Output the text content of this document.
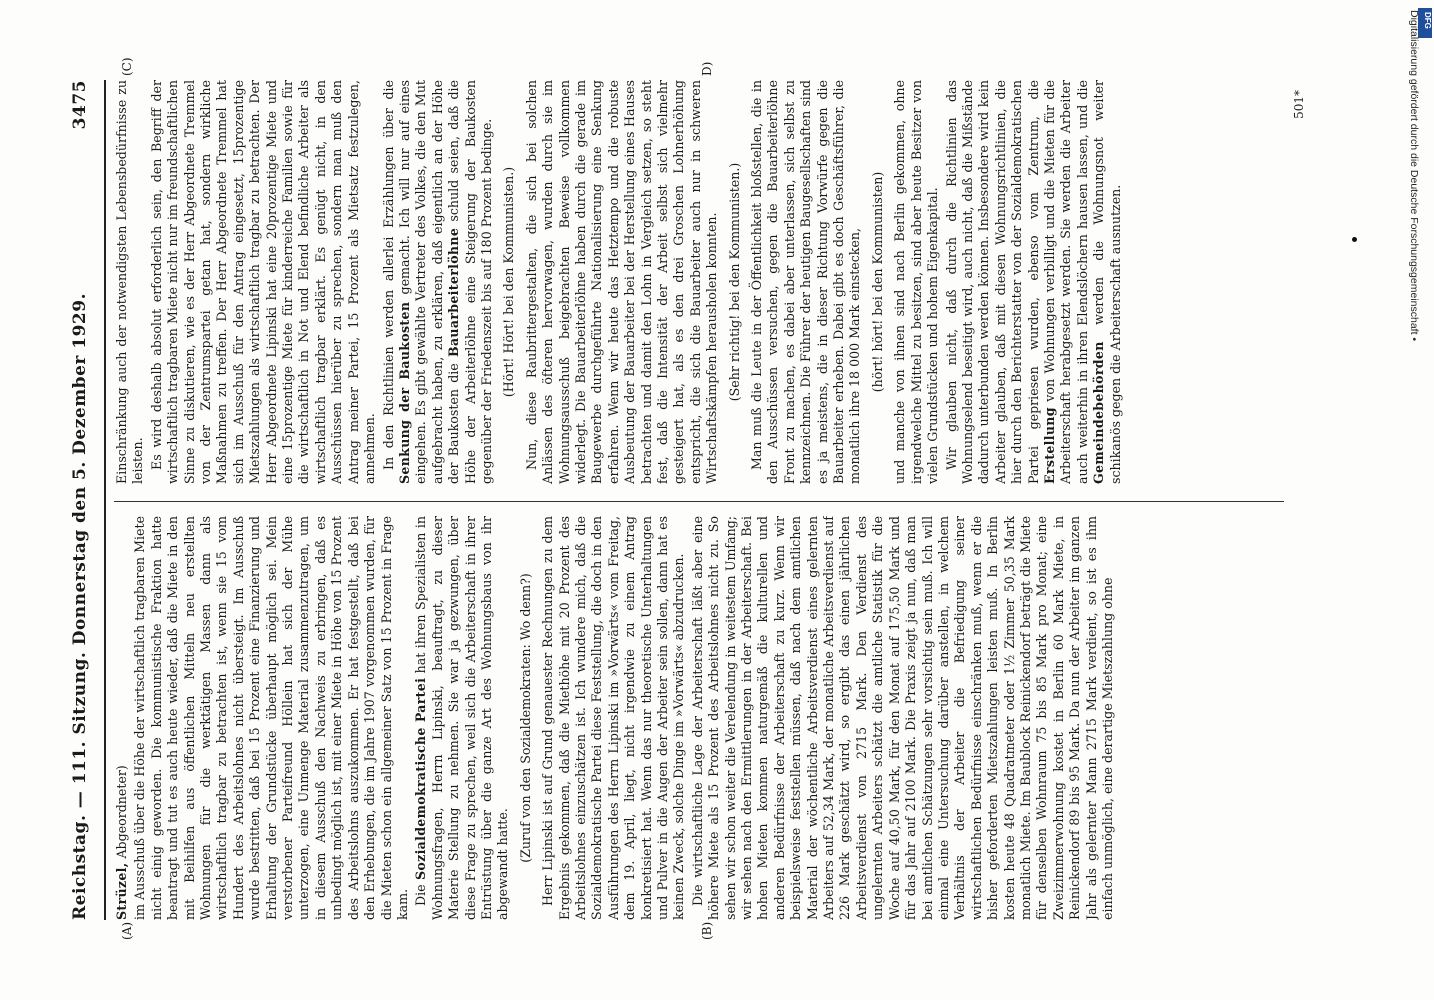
DFG
Digitalisierung gefördert durch die Deutsche Forschungsgemeinschaft •
Reichstag. — 111. Sitzung. Donnerstag den 5. Dezember 1929.
3475

Strüzel, Abgeordneter) im Ausschuß über die Höhe der wirtschaftlich tragbaren Miete nicht einig geworden. Die kommunistische Fraktion hatte beantragt und tut es auch heute wieder, daß die Miete in den mit Beihilfen aus öffentlichen Mitteln neu erstellten Wohnungen für die werktätigen Massen dann als wirtschaftlich tragbar zu betrachten ist, wenn sie 15 vom Hundert des Arbeitslohnes nicht übersteigt. Im Ausschuß wurde bestritten, daß bei 15 Prozent eine Finanzierung und Erhaltung der Grundstücke überhaupt möglich sei. Mein verstorbener Parteifreund Höllein hat sich der Mühe unterzogen, eine Unmenge Material zusammenzutragen, um in diesem Ausschuß den Nachweis zu erbringen, daß es unbedingt möglich ist, mit einer Miete in Höhe von 15 Prozent des Arbeitslohns auszukommen. Er hat festgestellt, daß bei den Erhebungen, die im Jahre 1907 vorgenommen wurden, für die Mieten schon ein allgemeiner Satz von 15 Prozent in Frage kam. Die Sozialdemokratische Partei hat ihren Spezialisten in Wohnungsfragen, Herrn Lipinski, beauftragt, zu dieser Materie Stellung zu nehmen. Sie war ja gezwungen, über diese Frage zu sprechen, weil sich die Arbeiterschaft in ihrer Entrüstung über die ganze Art des Wohnungsbaus von ihr abgewandt hatte.

(Zuruf von den Sozialdemokraten: Wo denn?) Herr Lipinski ist auf Grund genauester Rechnungen zu dem Ergebnis gekommen, daß die Miethöhe mit 20 Prozent des Arbeitslohnes einzuschätzen ist. Ich wundere mich, daß die Sozialdemokratische Partei diese Feststellung, die doch in den Ausführungen des Herrn Lipinski im »Vorwärts« vom Freitag, dem 19. April, liegt, nicht irgendwie zu einem Antrag konkretisiert hat. Wenn das nur theoretische Unterhaltungen und Pulver in die Augen der Arbeiter sein sollen, dann hat es keinen Zweck, solche Dinge im »Vorwärts« abzudrucken. Die wirtschaftliche Lage der Arbeiterschaft läßt aber eine höhere Miete als 15 Prozent des Arbeitslohnes nicht zu. So sehen wir schon weiter die Verelendung in weitestem Umfang; wir sehen nach den Ermittlerungen in der Arbeiterschaft. Bei hohen Mieten kommen naturgemäß die kulturellen und anderen Bedürfnisse der Arbeiterschaft zu kurz. Wenn wir beispielsweise feststellen müssen, daß nach dem amtlichen Material der wöchentliche Arbeitsverdienst eines gelernten Arbeiters auf 52,34 Mark, der monatliche Arbeitsverdienst auf 226 Mark geschätzt wird, so ergibt das einen jährlichen Arbeitsverdienst von 2715 Mark. Den Verdienst des ungelernten Arbeiters schätzt die amtliche Statistik für die Woche auf 40,50 Mark, für den Monat auf 175,50 Mark und für das Jahr auf 2100 Mark. Die Praxis zeigt ja nun, daß man bei amtlichen Schätzungen sehr vorsichtig sein muß. Ich will einmal eine Untersuchung darüber anstellen, in welchem Verhältnis der Arbeiter die Befriedigung seiner wirtschaftlichen Bedürfnisse einschränken muß, wenn er die bisher geforderten Mietszahlungen leisten muß. In Berlin kosten heute 48 Quadratmeter oder 1½ Zimmer 50,35 Mark monatlich Miete. Im Baublock Reinickendorf beträgt die Miete für denselben Wohnraum 75 bis 85 Mark pro Monat; eine Zweizimmerwohnung kostet in Berlin 60 Mark Miete, in Reinickendorf 89 bis 95 Mark. Da nun der Arbeiter im ganzen Jahr als gelernter Mann 2715 Mark verdient, so ist es ihm einfach unmöglich, eine derartige Mietszahlung ohne

Einschränkung auch der notwendigsten Lebensbedürfnisse zu leisten. Es wird deshalb absolut erforderlich sein, den Begriff der wirtschaftlich tragbaren Miete nicht nur im freundschaftlichen Sinne zu diskutieren, wie es der Herr Abgeordnete Tremmel von der Zentrumspartei getan hat, sondern wirkliche Maßnahmen zu treffen. Der Herr Abgeordnete Tremmel hat sich im Ausschuß für den Antrag eingesetzt, 15prozentige Mietszahlungen als wirtschaftlich tragbar zu betrachten. Der Herr Abgeordnete Lipinski hat eine 20prozentige Miete und eine 15prozentige Miete für kinderreiche Familien sowie für die wirtschaftlich in Not und Elend befindliche Arbeiter als wirtschaftlich tragbar erklärt. Es genügt nicht, in den Ausschüssen hierüber zu sprechen, sondern man muß den Antrag meiner Partei, 15 Prozent als Mietsatz festzulegen, annehmen. In den Richtlinien werden allerlei Erzählungen über die Senkung der Baukosten gemacht. Ich will nur auf eines eingehen. Es gibt gewählte Vertreter des Volkes, die den Mut aufgebracht haben, zu erklären, daß eigentlich an der Höhe der Baukosten die Bauarbeiterlöhne schuld seien, daß die Höhe der Arbeiterlöhne eine Steigerung der Baukosten gegenüber der Friedenszeit bis auf 180 Prozent bedinge. (Hört! Hört! bei den Kommunisten.) Nun, diese Raubrittergestalten, die sich bei solchen Anlässen des öfteren hervorwagen, wurden durch sie im Wohnungsausschuß beigebrachten Beweise vollkommen widerlegt. Die Bauarbeiterlöhne haben durch die gerade im Baugewerbe durchgeführte Nationalisierung eine Senkung erfahren. Wenn wir heute das Hetztempo und die robuste Ausbeutung der Bauarbeiter bei der Herstellung eines Hauses betrachten und damit den Lohn in Vergleich setzen, so steht fest, daß die Intensität der Arbeit selbst sich vielmehr gesteigert hat, als es den drei Groschen Lohnerhöhung entspricht, die sich die Bauarbeiter auch nur in schweren Wirtschaftskämpfen herausholen konnten. (Sehr richtig! bei den Kommunisten.) Man muß die Leute in der Öffentlichkeit bloßstellen, die in den Ausschüssen versuchen, gegen die Bauarbeiterlöhne Front zu machen, es dabei aber unterlassen, sich selbst zu kennzeichnen. Die Führer der heutigen Baugesellschaften sind es ja meistens, die in dieser Richtung Vorwürfe gegen die Bauarbeiter erheben. Dabei gibt es doch Geschäftsführer, die monatlich ihre 18 000 Mark einstecken, (hört! hört! bei den Kommunisten) und manche von ihnen sind nach Berlin gekommen, ohne irgendwelche Mittel zu besitzen, sind aber heute Besitzer von vielen Grundstücken und hohem Eigenkapital. Wir glauben nicht, daß durch die Richtlinien das Wohnungselend beseitigt wird, auch nicht, daß die Mißstände dadurch unterbunden werden können. Insbesondere wird kein Arbeiter glauben, daß mit diesen Wohnungsrichtlinien, die hier durch den Berichterstatter von der Sozialdemokratischen Partei gepriesen wurden, ebenso vom Zentrum, die Erstellung von Wohnungen verbilligt und die Mieten für die Arbeiterschaft herabgesetzt werden. Sie werden die Arbeiter auch weiterhin in ihren Elendslöchern hausen lassen, und die Gemeindebehörden werden die Wohnungsnot weiter schikanös gegen die Arbeiterschaft ausnutzen.

(A)	(B)
(C)	D)
501*
